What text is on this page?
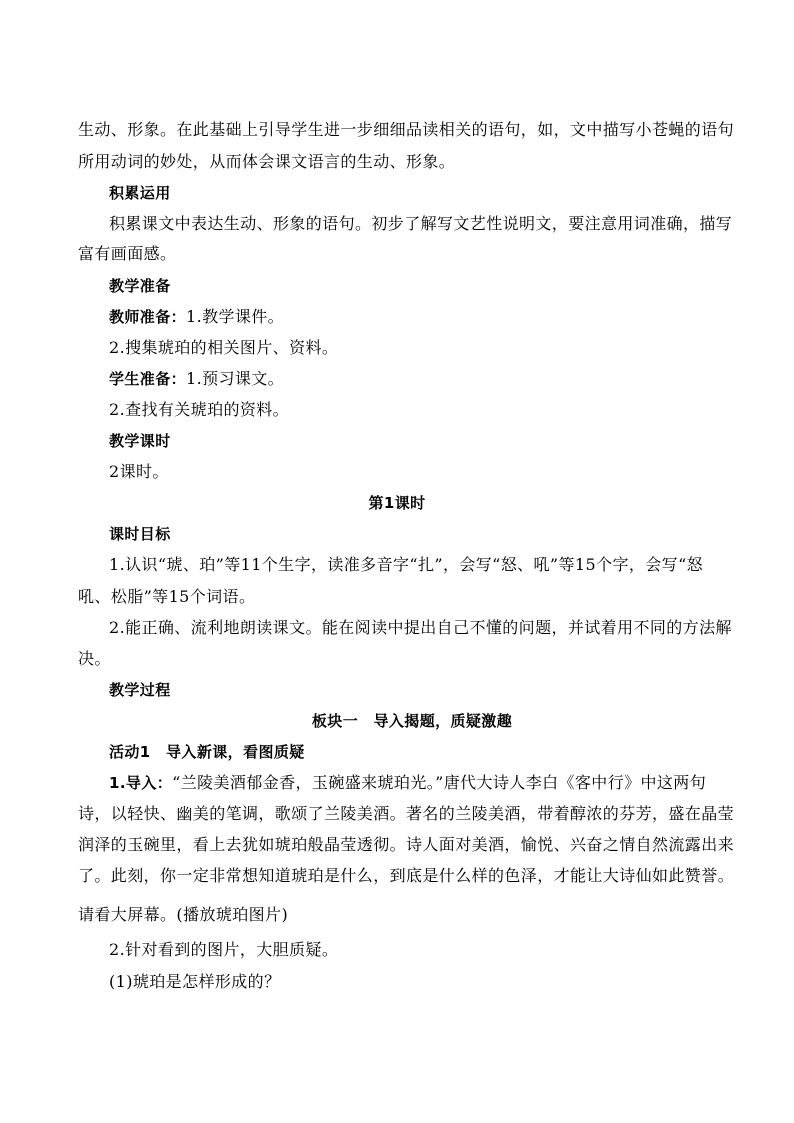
生动、形象。在此基础上引导学生进一步细细品读相关的语句，如，文中描写小苍蝇的语句
所用动词的妙处，从而体会课文语言的生动、形象。
积累运用
积累课文中表达生动、形象的语句。初步了解写文艺性说明文，要注意用词准确，描写
富有画面感。
教学准备
教师准备：1.教学课件。
2.搜集琥珀的相关图片、资料。
学生准备：1.预习课文。
2.查找有关琥珀的资料。
教学课时
2课时。
第1课时
课时目标
1.认识“琥、珀”等11个生字，读准多音字“扎”，会写“怒、吼”等15个字，会写“怒
吼、松脂”等15个词语。
2.能正确、流利地朗读课文。能在阅读中提出自己不懂的问题，并试着用不同的方法解
决。
教学过程
板块一　导入揭题，质疑激趣
活动1　导入新课，看图质疑
1.导入：“兰陵美酒郁金香，玉碗盛来琥珀光。”唐代大诗人李白《客中行》中这两句
诗，以轻快、幽美的笔调，歌颂了兰陵美酒。著名的兰陵美酒，带着醇浓的芬芳，盛在晶莹
润泽的玉碗里，看上去犹如琥珀般晶莹透彻。诗人面对美酒，愉悦、兴奋之情自然流露出来
了。此刻，你一定非常想知道琥珀是什么，到底是什么样的色泽，才能让大诗仙如此赞誉。
请看大屏幕。(播放琥珀图片)
2.针对看到的图片，大胆质疑。
(1)琥珀是怎样形成的？
